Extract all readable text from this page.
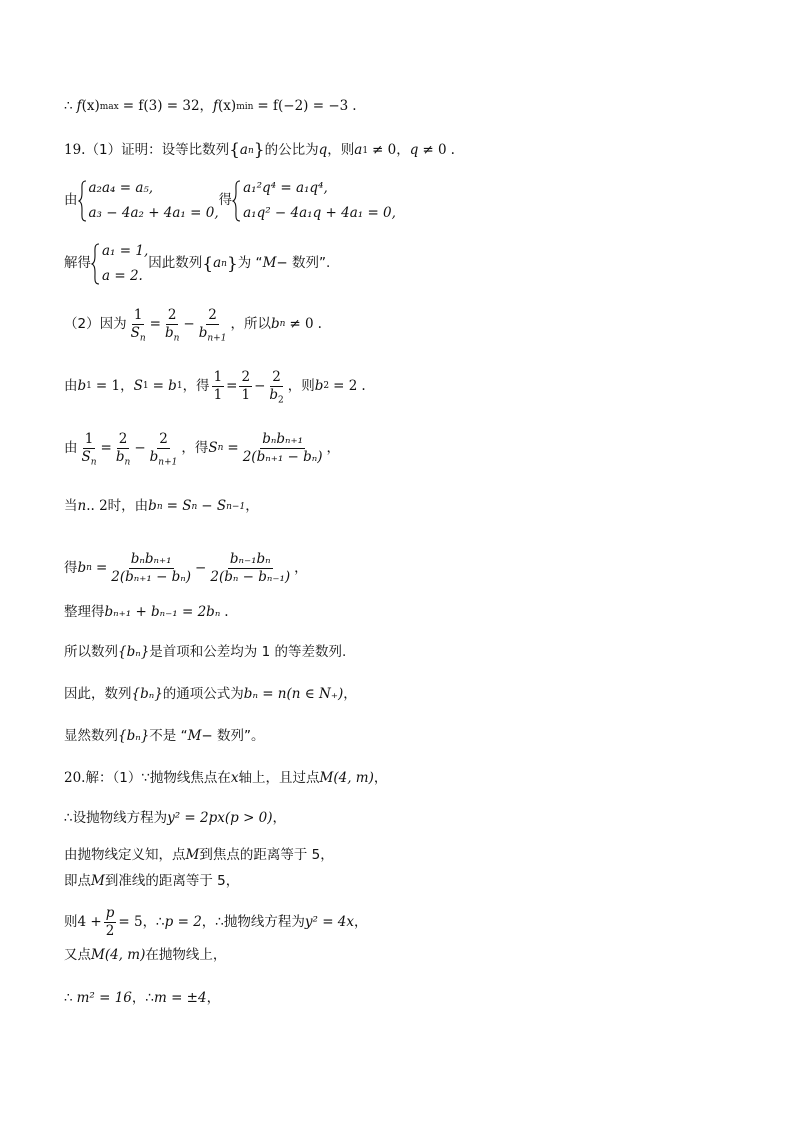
∴ f (x) max = f(3) = 32 ， f (x) min = f(−2) = −3 .
19. （1）证明：设等比数列 { a n } 的公比为 q ，则 a 1 ≠ 0 ， q ≠ 0 .
由
a₂a₄ = a₅,
a₃ − 4a₂ + 4a₁ = 0,
得
a₁²q⁴ = a₁q⁴,
a₁q² − 4a₁q + 4a₁ = 0,
解得
a₁ = 1,
a = 2.
因此数列 { a n } 为 “ M − 数列”.
（2）因为 $\frac{1}{S_n} = \frac{2}{b_n} - \frac{2}{b_{n+1}}$ ，所以 b n ≠ 0 .
由 b 1 = 1 ， S 1 = b 1 ，得 $\frac{1}{1} = \frac{2}{1} - \frac{2}{b_2}$ ，则 b 2 = 2 .
由 $\frac{1}{S_n} = \frac{2}{b_n} - \frac{2}{b_{n+1}}$ ，得 S $n = \frac{\text{bₙbₙ₊₁}}{\text{2(bₙ₊₁ − bₙ)}}$ ，
当 n .. 2 时，由 b n = S n − S n−1 ，
得 b $n = \frac{\text{bₙbₙ₊₁}}{\text{2(bₙ₊₁ − bₙ)}} - \frac{\text{bₙ₋₁bₙ}}{\text{2(bₙ − bₙ₋₁)}}$ ，
整理得 bₙ₊₁ + bₙ₋₁ = 2bₙ .
所以数列 {bₙ} 是首项和公差均为 1 的等差数列.
因此，数列 {bₙ} 的通项公式为 bₙ = n(n ∈ N₊) ，
显然数列 {bₙ} 不是 “ M − 数列”。
20. 解：（1）∵抛物线焦点在 x 轴上，且过点 M(4, m) ，
∴设抛物线方程为 y² = 2px(p > 0) ，
由抛物线定义知，点 M 到焦点的距离等于 5，
即点 M 到准线的距离等于 5，
则 $4 + \frac{p}{2} = 5$ ，∴ p = 2 ，∴抛物线方程为 y² = 4x ，
又点 M(4, m) 在抛物线上，
∴ m² = 16 ，∴ m = ±4 ，
